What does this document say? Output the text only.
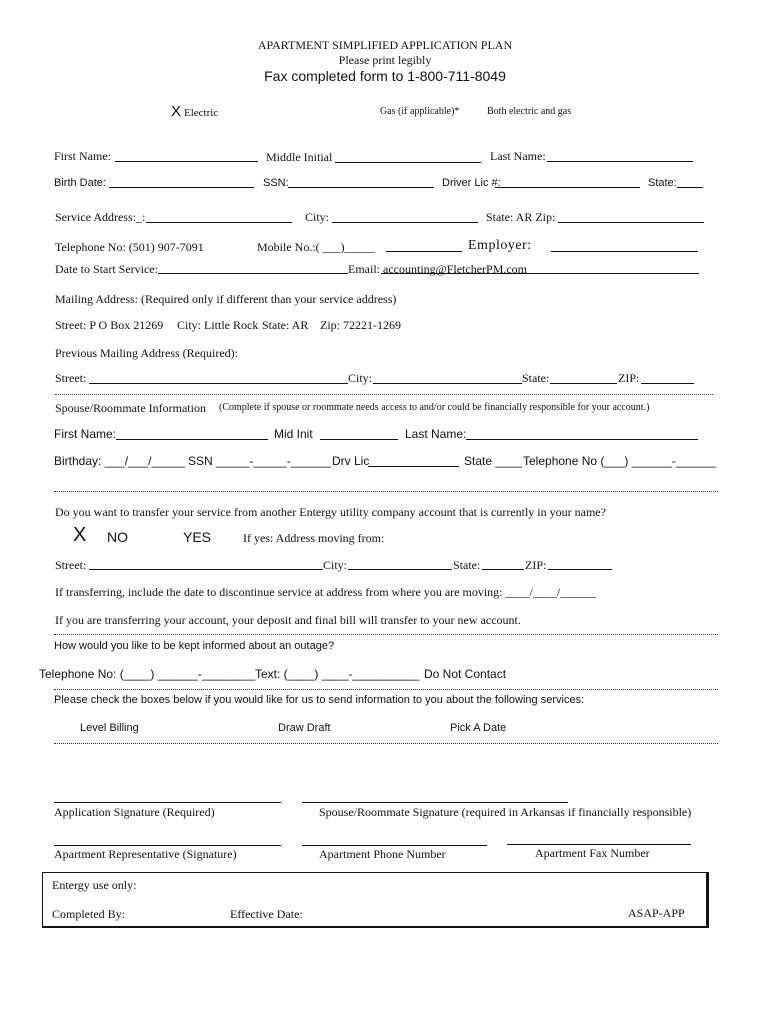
APARTMENT SIMPLIFIED APPLICATION PLAN
Please print legibly
Fax completed form to 1-800-711-8049
X Electric	Gas (if applicable)*	Both electric and gas
First Name:	Middle Initial	Last Name:
Birth Date:	SSN:	Driver Lic #:	State:
Service Address:_:	City:	State: AR Zip:
Telephone No: (501) 907-7091	Mobile No.:( ___)_____	Employer:
Date to Start Service:	Email: accounting@FletcherPM.com
Mailing Address: (Required only if different than your service address)
Street: P O Box 21269 City: Little Rock State: AR Zip: 72221-1269
Previous Mailing Address (Required):
Street:	City:	State:	ZIP:
Spouse/Roommate Information (Complete if spouse or roommate needs access to and/or could be financially responsible for your account.)
First Name:	Mid Init	Last Name:
Birthday: ___/___/_____ SSN _____-_____-______ Drv Lic	State ____ Telephone No (___) ______-______
Do you want to transfer your service from another Entergy utility company account that is currently in your name?
X NO	YES	If yes: Address moving from:
Street:	City:	State:	ZIP:
If transferring, include the date to discontinue service at address from where you are moving: ____/____/______
If you are transferring your account, your deposit and final bill will transfer to your new account.
How would you like to be kept informed about an outage?
Telephone No: (____) ______-________ Text: (____) ____-__________ Do Not Contact
Please check the boxes below if you would like for us to send information to you about the following services:
Level Billing	Draw Draft	Pick A Date
Application Signature (Required)	Spouse/Roommate Signature (required in Arkansas if financially responsible)
Apartment Representative (Signature)	Apartment Phone Number	Apartment Fax Number
Entergy use only:
Completed By:	Effective Date:	ASAP-APP
